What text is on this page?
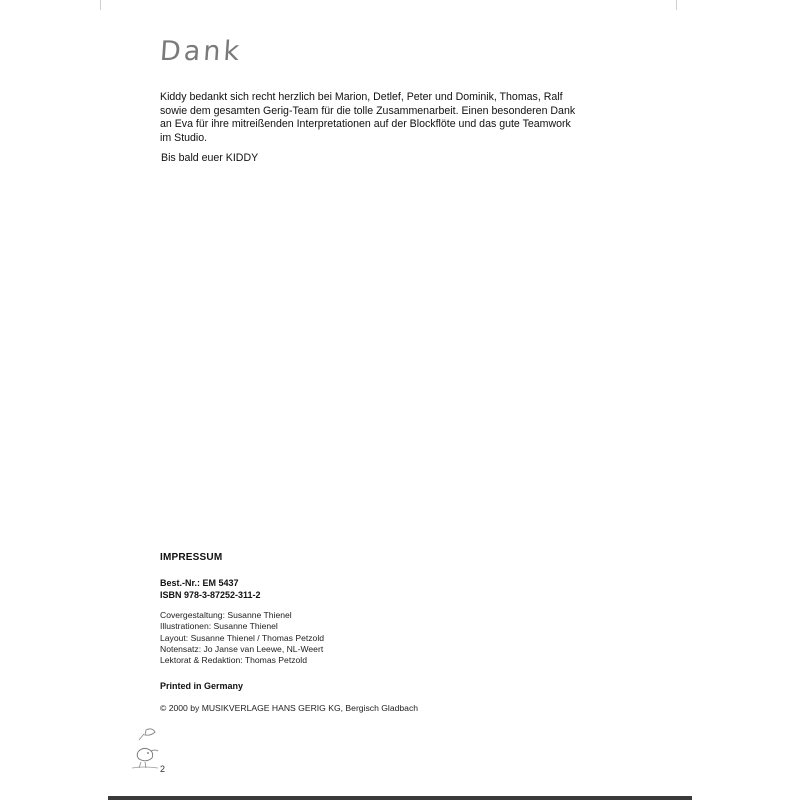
Dank

Kiddy bedankt sich recht herzlich bei Marion, Detlef, Peter und Dominik, Thomas, Ralf
sowie dem gesamten Gerig-Team für die tolle Zusammenarbeit. Einen besonderen Dank
an Eva für ihre mitreißenden Interpretationen auf der Blockflöte und das gute Teamwork
im Studio.

Bis bald euer KIDDY

IMPRESSUM

Best.-Nr.: EM 5437
ISBN 978-3-87252-311-2
Covergestaltung: Susanne Thienel
Illustrationen: Susanne Thienel
Layout: Susanne Thienel / Thomas Petzold
Notensatz: Jo Janse van Leewe, NL-Weert
Lektorat & Redaktion: Thomas Petzold
Printed in Germany
© 2000 by MUSIKVERLAGE HANS GERIG KG, Bergisch Gladbach
2
